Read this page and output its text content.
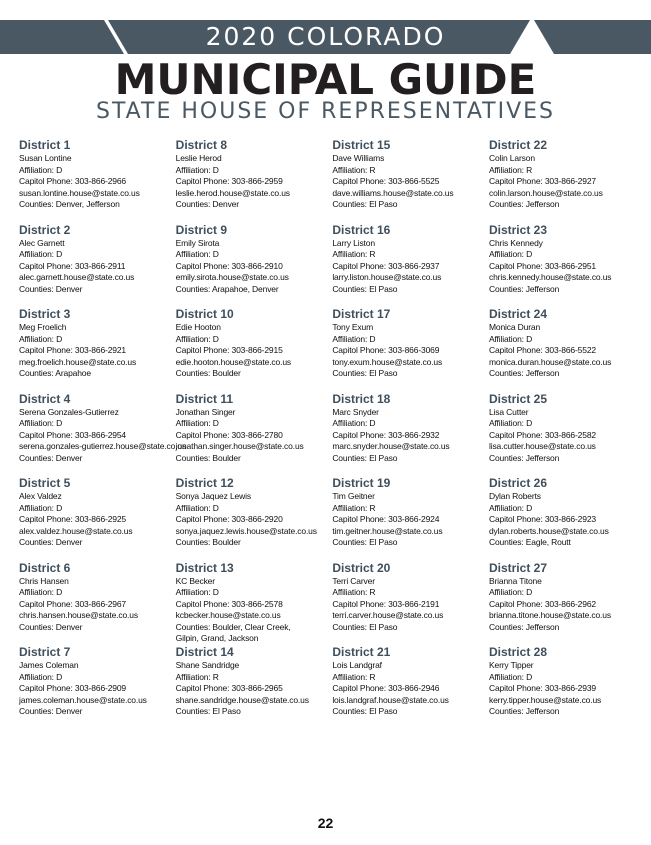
2020 COLORADO
MUNICIPAL GUIDE
STATE HOUSE OF REPRESENTATIVES
District 1
Susan Lontine
Affiliation: D
Capitol Phone: 303-866-2966
susan.lontine.house@state.co.us
Counties: Denver, Jefferson
District 2
Alec Garnett
Affiliation: D
Capitol Phone: 303-866-2911
alec.garnett.house@state.co.us
Counties: Denver
District 3
Meg Froelich
Affiliation: D
Capitol Phone: 303-866-2921
meg.froelich.house@state.co.us
Counties: Arapahoe
District 4
Serena Gonzales-Gutierrez
Affiliation: D
Capitol Phone: 303-866-2954
serena.gonzales-gutierrez.house@state.co.us
Counties: Denver
District 5
Alex Valdez
Affiliation: D
Capitol Phone: 303-866-2925
alex.valdez.house@state.co.us
Counties: Denver
District 6
Chris Hansen
Affiliation: D
Capitol Phone: 303-866-2967
chris.hansen.house@state.co.us
Counties: Denver
District 7
James Coleman
Affiliation: D
Capitol Phone: 303-866-2909
james.coleman.house@state.co.us
Counties: Denver
District 8
Leslie Herod
Affiliation: D
Capitol Phone: 303-866-2959
leslie.herod.house@state.co.us
Counties: Denver
District 9
Emily Sirota
Affiliation: D
Capitol Phone: 303-866-2910
emily.sirota.house@state.co.us
Counties: Arapahoe, Denver
District 10
Edie Hooton
Affiliation: D
Capitol Phone: 303-866-2915
edie.hooton.house@state.co.us
Counties: Boulder
District 11
Jonathan Singer
Affiliation: D
Capitol Phone: 303-866-2780
jonathan.singer.house@state.co.us
Counties: Boulder
District 12
Sonya Jaquez Lewis
Affiliation: D
Capitol Phone: 303-866-2920
sonya.jaquez.lewis.house@state.co.us
Counties: Boulder
District 13
KC Becker
Affiliation: D
Capitol Phone: 303-866-2578
kcbecker.house@state.co.us
Counties: Boulder, Clear Creek, Gilpin, Grand, Jackson
District 14
Shane Sandridge
Affiliation: R
Capitol Phone: 303-866-2965
shane.sandridge.house@state.co.us
Counties: El Paso
District 15
Dave Williams
Affiliation: R
Capitol Phone: 303-866-5525
dave.williams.house@state.co.us
Counties: El Paso
District 16
Larry Liston
Affiliation: R
Capitol Phone: 303-866-2937
larry.liston.house@state.co.us
Counties: El Paso
District 17
Tony Exum
Affiliation: D
Capitol Phone: 303-866-3069
tony.exum.house@state.co.us
Counties: El Paso
District 18
Marc Snyder
Affiliation: D
Capitol Phone: 303-866-2932
marc.snyder.house@state.co.us
Counties: El Paso
District 19
Tim Geitner
Affiliation: R
Capitol Phone: 303-866-2924
tim.geitner.house@state.co.us
Counties: El Paso
District 20
Terri Carver
Affiliation: R
Capitol Phone: 303-866-2191
terri.carver.house@state.co.us
Counties: El Paso
District 21
Lois Landgraf
Affiliation: R
Capitol Phone: 303-866-2946
lois.landgraf.house@state.co.us
Counties: El Paso
District 22
Colin Larson
Affiliation: R
Capitol Phone: 303-866-2927
colin.larson.house@state.co.us
Counties: Jefferson
District 23
Chris Kennedy
Affiliation: D
Capitol Phone: 303-866-2951
chris.kennedy.house@state.co.us
Counties: Jefferson
District 24
Monica Duran
Affiliation: D
Capitol Phone: 303-866-5522
monica.duran.house@state.co.us
Counties: Jefferson
District 25
Lisa Cutter
Affiliation: D
Capitol Phone: 303-866-2582
lisa.cutter.house@state.co.us
Counties: Jefferson
District 26
Dylan Roberts
Affiliation: D
Capitol Phone: 303-866-2923
dylan.roberts.house@state.co.us
Counties: Eagle, Routt
District 27
Brianna Titone
Affiliation: D
Capitol Phone: 303-866-2962
brianna.titone.house@state.co.us
Counties: Jefferson
District 28
Kerry Tipper
Affiliation: D
Capitol Phone: 303-866-2939
kerry.tipper.house@state.co.us
Counties: Jefferson
22
